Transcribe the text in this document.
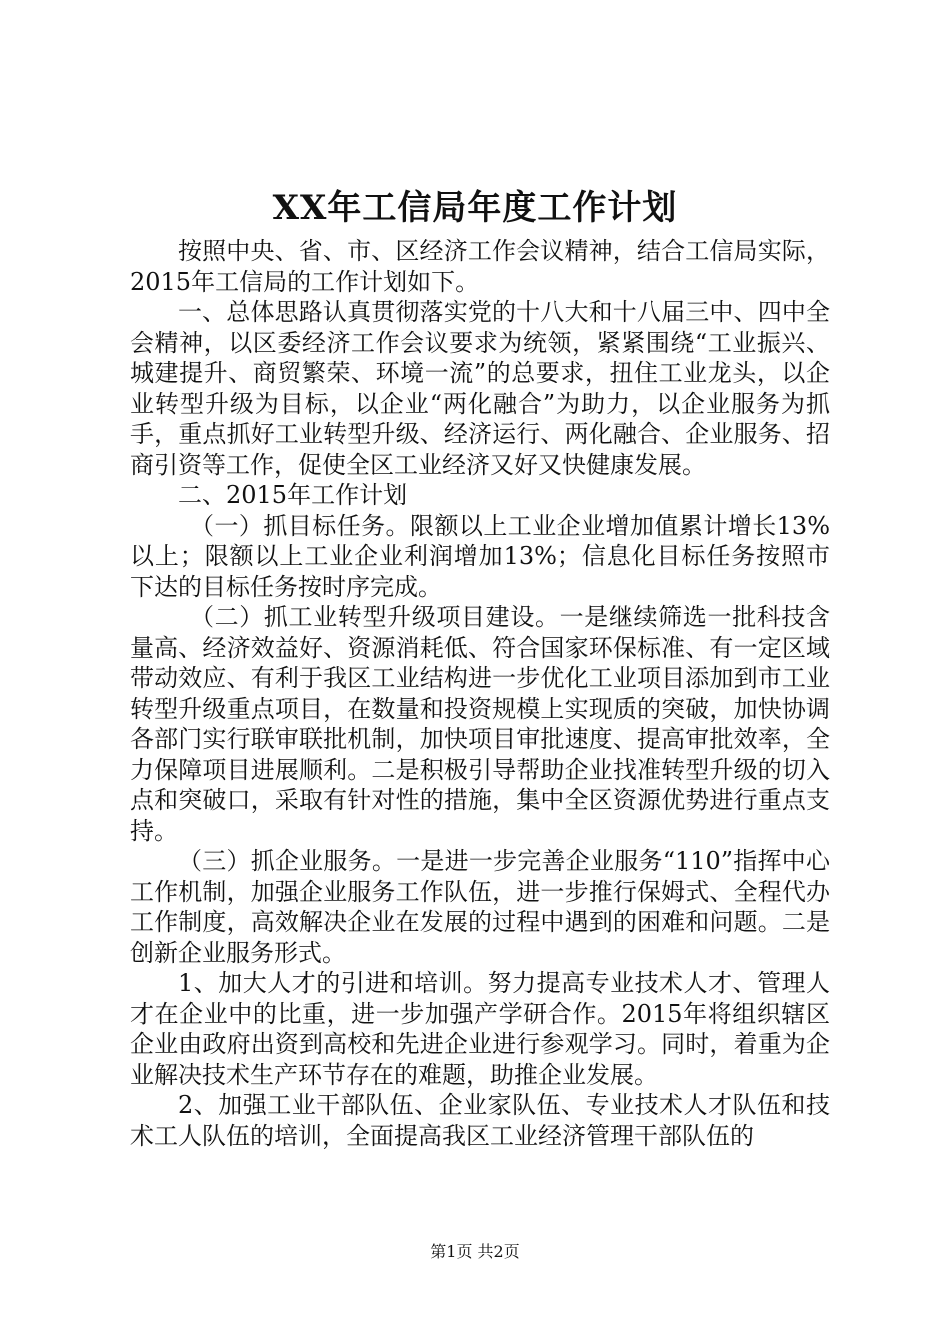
XX年工信局年度工作计划

按照中央、省、市、区经济工作会议精神，结合工信局实际，2015年工信局的工作计划如下。

一、总体思路认真贯彻落实党的十八大和十八届三中、四中全会精神，以区委经济工作会议要求为统领，紧紧围绕“工业振兴、城建提升、商贸繁荣、环境一流”的总要求，扭住工业龙头，以企业转型升级为目标，以企业“两化融合”为助力，以企业服务为抓手，重点抓好工业转型升级、经济运行、两化融合、企业服务、招商引资等工作，促使全区工业经济又好又快健康发展。

二、2015年工作计划

（一）抓目标任务。限额以上工业企业增加值累计增长13%以上；限额以上工业企业利润增加13%；信息化目标任务按照市下达的目标任务按时序完成。

（二）抓工业转型升级项目建设。一是继续筛选一批科技含量高、经济效益好、资源消耗低、符合国家环保标准、有一定区域带动效应、有利于我区工业结构进一步优化工业项目添加到市工业转型升级重点项目，在数量和投资规模上实现质的突破，加快协调各部门实行联审联批机制，加快项目审批速度、提高审批效率，全力保障项目进展顺利。二是积极引导帮助企业找准转型升级的切入点和突破口，采取有针对性的措施，集中全区资源优势进行重点支持。

（三）抓企业服务。一是进一步完善企业服务“110”指挥中心工作机制，加强企业服务工作队伍，进一步推行保姆式、全程代办工作制度，高效解决企业在发展的过程中遇到的困难和问题。二是创新企业服务形式。

1、加大人才的引进和培训。努力提高专业技术人才、管理人才在企业中的比重，进一步加强产学研合作。2015年将组织辖区企业由政府出资到高校和先进企业进行参观学习。同时，着重为企业解决技术生产环节存在的难题，助推企业发展。

2、加强工业干部队伍、企业家队伍、专业技术人才队伍和技术工人队伍的培训，全面提高我区工业经济管理干部队伍的

第1页 共2页
